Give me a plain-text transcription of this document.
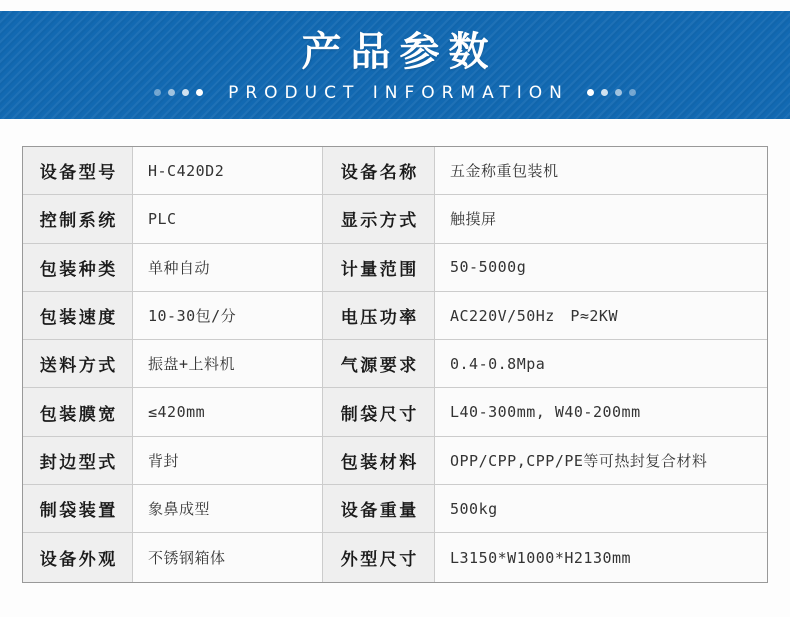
产品参数
PRODUCT INFORMATION
设备型号	H-C420D2	设备名称	五金称重包装机
控制系统	PLC	显示方式	触摸屏
包装种类	单种自动	计量范围	50-5000g
包装速度	10-30包/分	电压功率	AC220V/50Hz　P≈2KW
送料方式	振盘+上料机	气源要求	0.4-0.8Mpa
包装膜宽	≤420mm	制袋尺寸	L40-300mm, W40-200mm
封边型式	背封	包装材料	OPP/CPP,CPP/PE等可热封复合材料
制袋装置	象鼻成型	设备重量	500kg
设备外观	不锈钢箱体	外型尺寸	L3150*W1000*H2130mm
